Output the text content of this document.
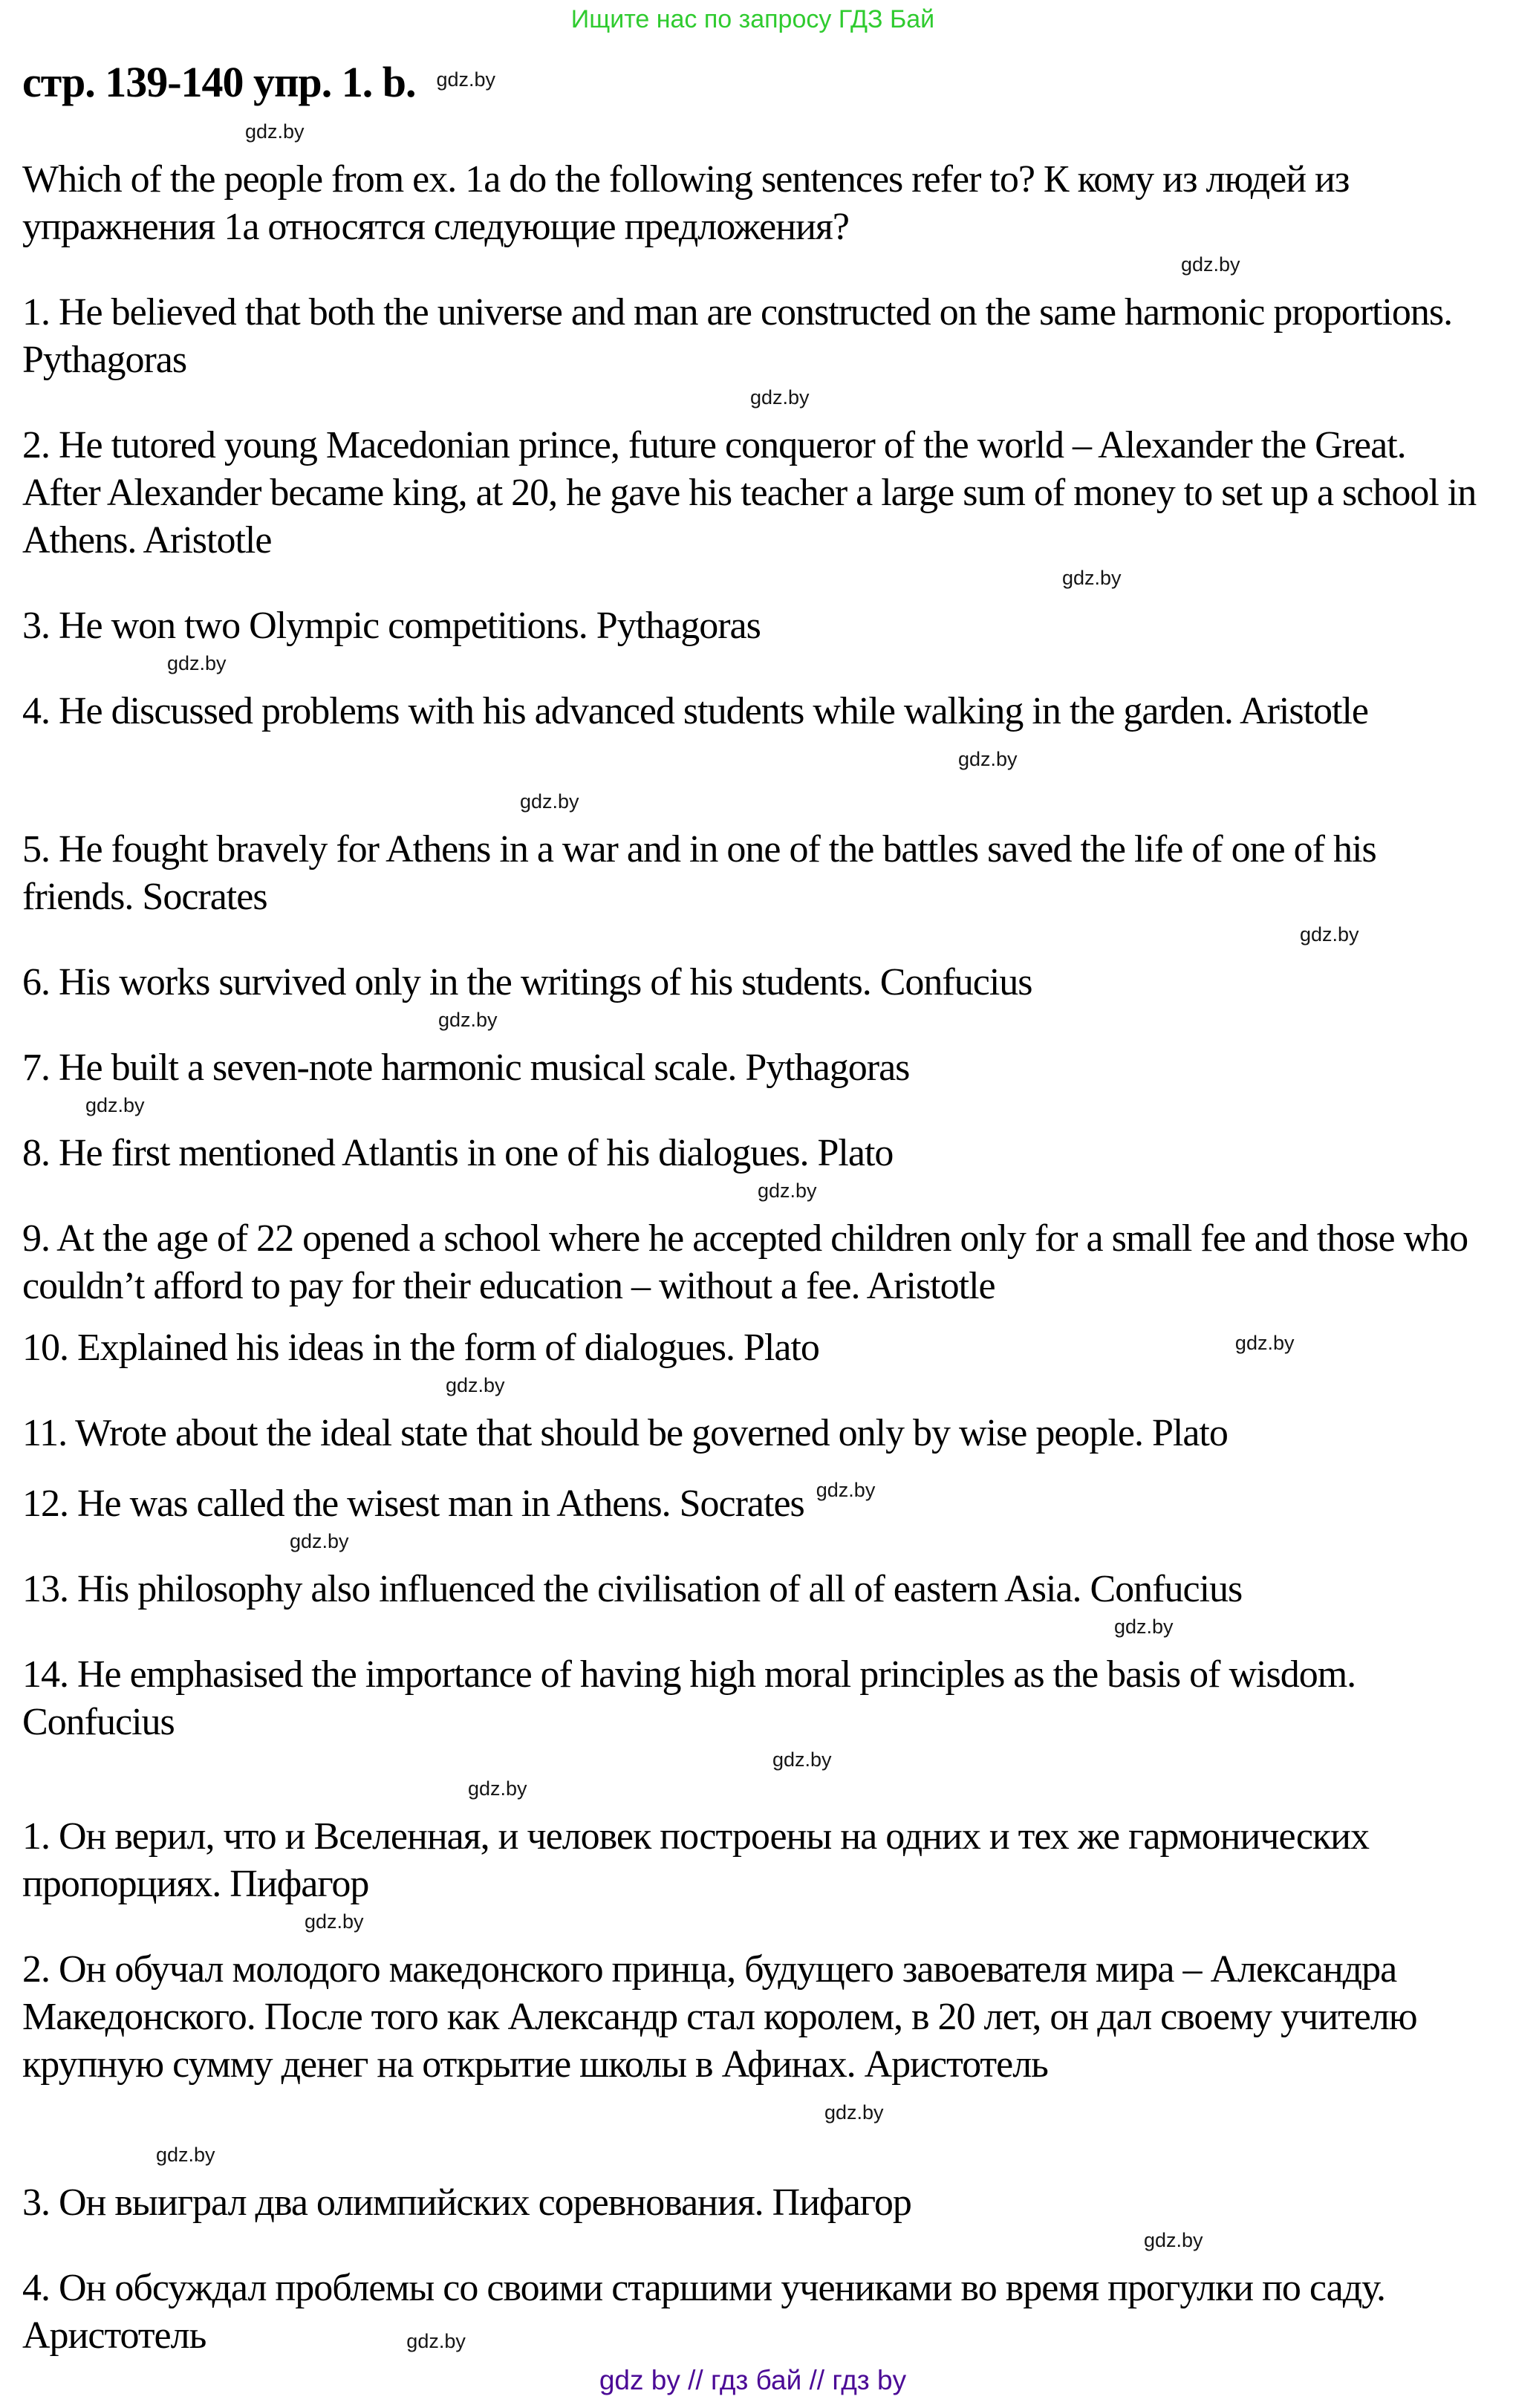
Ищите нас по запросу ГДЗ Бай
стр. 139-140 упр. 1. b. gdz.by
gdz.by

Which of the people from ex. 1a do the following sentences refer to? К кому из людей из упражнения 1а относятся следующие предложения?

gdz.by

1. He believed that both the universe and man are constructed on the same harmonic proportions. Pythagoras

gdz.by

2. He tutored young Macedonian prince, future conqueror of the world – Alexander the Great. After Alexander became king, at 20, he gave his teacher a large sum of money to set up a school in Athens. Aristotle

gdz.by

3. He won two Olympic competitions. Pythagoras

gdz.by

4. He discussed problems with his advanced students while walking in the garden. Aristotlegdz.by

gdz.by

5. He fought bravely for Athens in a war and in one of the battles saved the life of one of his friends. Socrates

gdz.by

6. His works survived only in the writings of his students. Confucius

gdz.by

7. He built a seven-note harmonic musical scale. Pythagoras

gdz.by

8. He first mentioned Atlantis in one of his dialogues. Plato

gdz.by

9. At the age of 22 opened a school where he accepted children only for a small fee and those who couldn’t afford to pay for their education – without a fee. Aristotle

10. Explained his ideas in the form of dialogues. Plato	gdz.by

gdz.by

11. Wrote about the ideal state that should be governed only by wise people. Plato

12. He was called the wisest man in Athens. Socrates gdz.by

gdz.by

13. His philosophy also influenced the civilisation of all of eastern Asia. Confucius

gdz.by

14. He emphasised the importance of having high moral principles as the basis of wisdom. Confucius

gdz.by
gdz.by

1. Он верил, что и Вселенная, и человек построены на одних и тех же гармонических пропорциях. Пифагор

gdz.by

2. Он обучал молодого македонского принца, будущего завоевателя мира – Александра Македонского. После того как Александр стал королем, в 20 лет, он дал своему учителю крупную сумму денег на открытие школы в Афинах. Аристотельgdz.by

gdz.by

3. Он выиграл два олимпийских соревнования. Пифагор

gdz.by

4. Он обсуждал проблемы со своими старшими учениками во время прогулки по саду. Аристотель	gdz.by

gdz by // гдз бай // гдз by
